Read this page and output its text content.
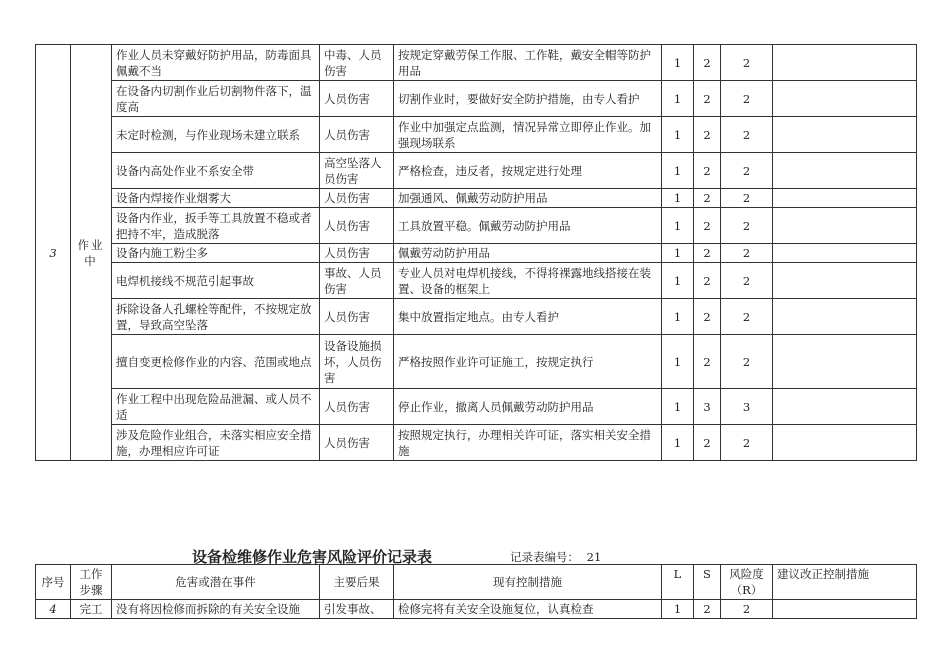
3	作业中	作业人员未穿戴好防护用品，防毒面具佩戴不当	中毒、人员伤害	按规定穿戴劳保工作服、工作鞋，戴安全帽等防护用品	1	2	2	
		在设备内切割作业后切割物件落下，温度高	人员伤害	切割作业时，要做好安全防护措施，由专人看护	1	2	2	
		未定时检测，与作业现场未建立联系	人员伤害	作业中加强定点监测，情况异常立即停止作业。加强现场联系	1	2	2	
		设备内高处作业不系安全带	高空坠落人员伤害	严格检查，违反者，按规定进行处理	1	2	2	
		设备内焊接作业烟雾大	人员伤害	加强通风、佩戴劳动防护用品	1	2	2	
		设备内作业，扳手等工具放置不稳或者把持不牢，造成脱落	人员伤害	工具放置平稳。佩戴劳动防护用品	1	2	2	
		设备内施工粉尘多	人员伤害	佩戴劳动防护用品	1	2	2	
		电焊机接线不规范引起事故	事故、人员伤害	专业人员对电焊机接线，不得将裸露地线搭接在装置、设备的框架上	1	2	2	
		拆除设备人孔螺栓等配件，不按规定放置，导致高空坠落	人员伤害	集中放置指定地点。由专人看护	1	2	2	
		擅自变更检修作业的内容、范围或地点	设备设施损坏，人员伤害	严格按照作业许可证施工，按规定执行	1	2	2	
		作业工程中出现危险品泄漏、或人员不适	人员伤害	停止作业，撤离人员佩戴劳动防护用品	1	3	3	
		涉及危险作业组合，未落实相应安全措施，办理相应许可证	人员伤害	按照规定执行，办理相关许可证，落实相关安全措施	1	2	2	
设备检维修作业危害风险评价记录表	记录表编号： 21
序号	工作步骤	危害或潜在事件	主要后果	现有控制措施	L	S	风险度（R）	建议改正控制措施
4	完工	没有将因检修而拆除的有关安全设施	引发事故、	检修完将有关安全设施复位，认真检查	1	2	2	
